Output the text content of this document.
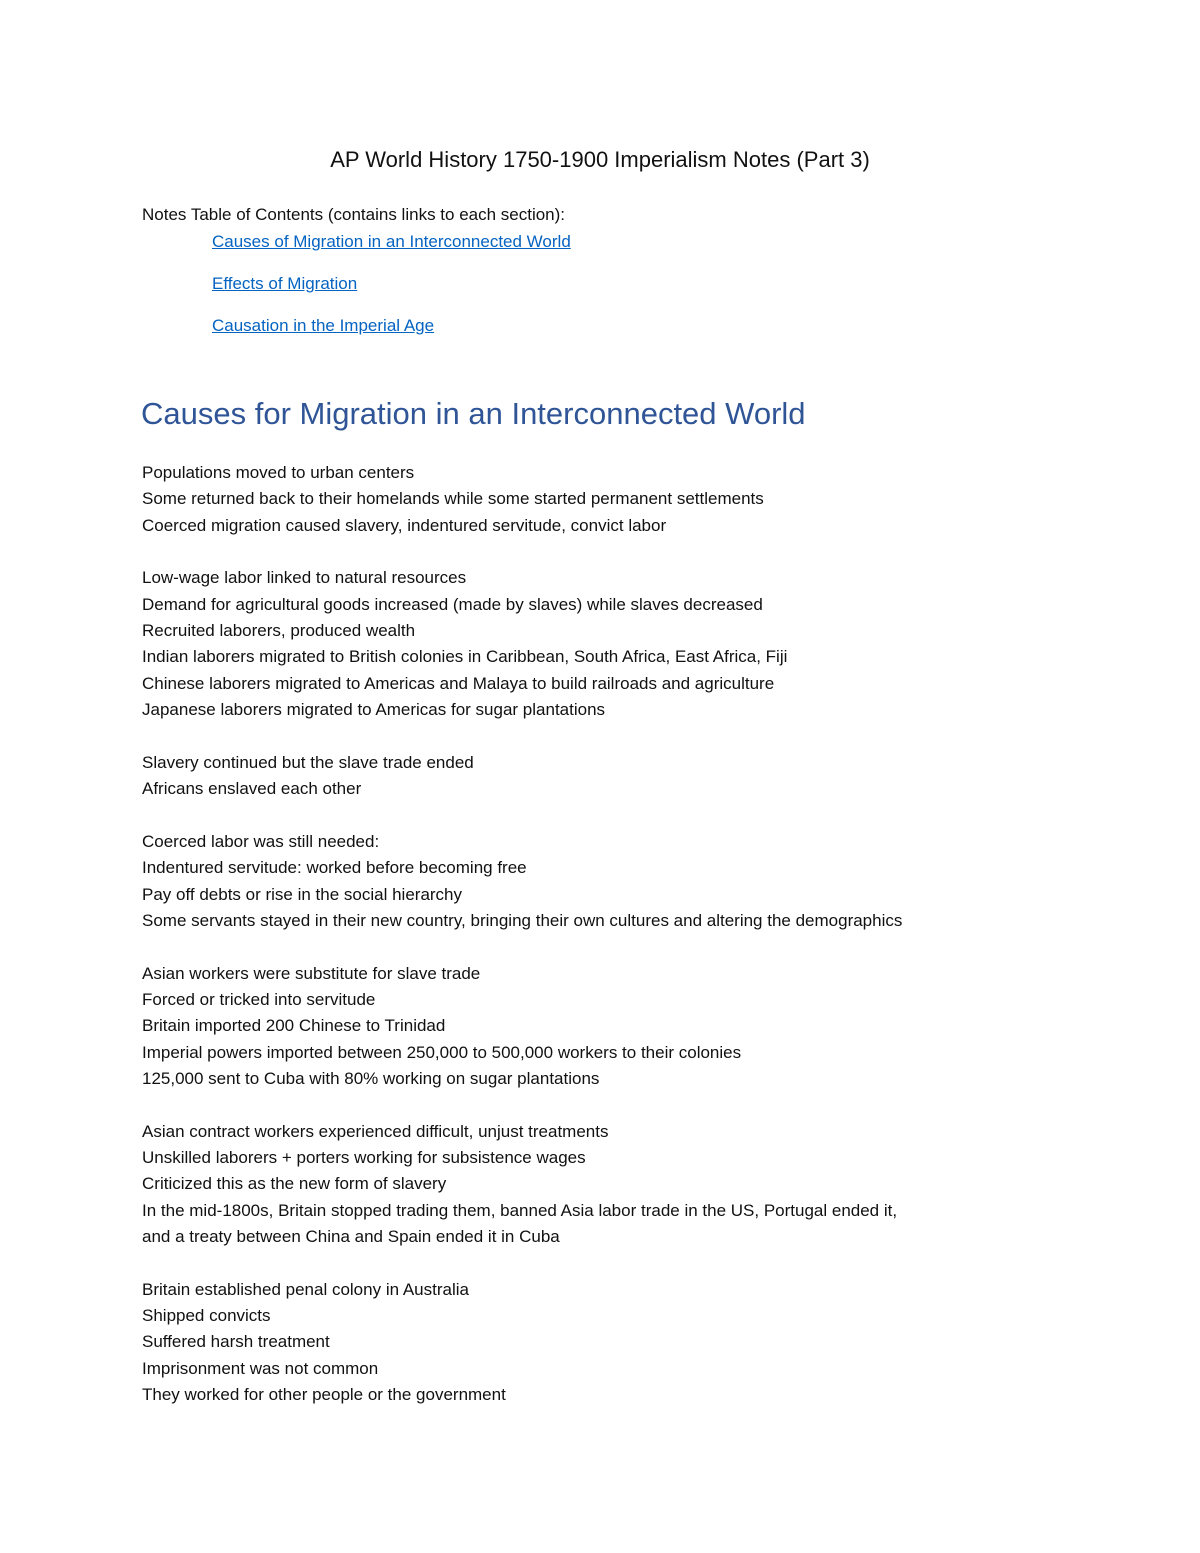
AP World History 1750-1900 Imperialism Notes (Part 3)

Notes Table of Contents (contains links to each section):

Causes of Migration in an Interconnected World
Effects of Migration
Causation in the Imperial Age
Causes for Migration in an Interconnected World
Populations moved to urban centers
Some returned back to their homelands while some started permanent settlements
Coerced migration caused slavery, indentured servitude, convict labor
Low-wage labor linked to natural resources
Demand for agricultural goods increased (made by slaves) while slaves decreased
Recruited laborers, produced wealth
Indian laborers migrated to British colonies in Caribbean, South Africa, East Africa, Fiji
Chinese laborers migrated to Americas and Malaya to build railroads and agriculture
Japanese laborers migrated to Americas for sugar plantations
Slavery continued but the slave trade ended
Africans enslaved each other
Coerced labor was still needed:
Indentured servitude: worked before becoming free
Pay off debts or rise in the social hierarchy
Some servants stayed in their new country, bringing their own cultures and altering the demographics
Asian workers were substitute for slave trade
Forced or tricked into servitude
Britain imported 200 Chinese to Trinidad
Imperial powers imported between 250,000 to 500,000 workers to their colonies
125,000 sent to Cuba with 80% working on sugar plantations
Asian contract workers experienced difficult, unjust treatments
Unskilled laborers + porters working for subsistence wages
Criticized this as the new form of slavery
In the mid-1800s, Britain stopped trading them, banned Asia labor trade in the US, Portugal ended it,
and a treaty between China and Spain ended it in Cuba
Britain established penal colony in Australia
Shipped convicts
Suffered harsh treatment
Imprisonment was not common
They worked for other people or the government
